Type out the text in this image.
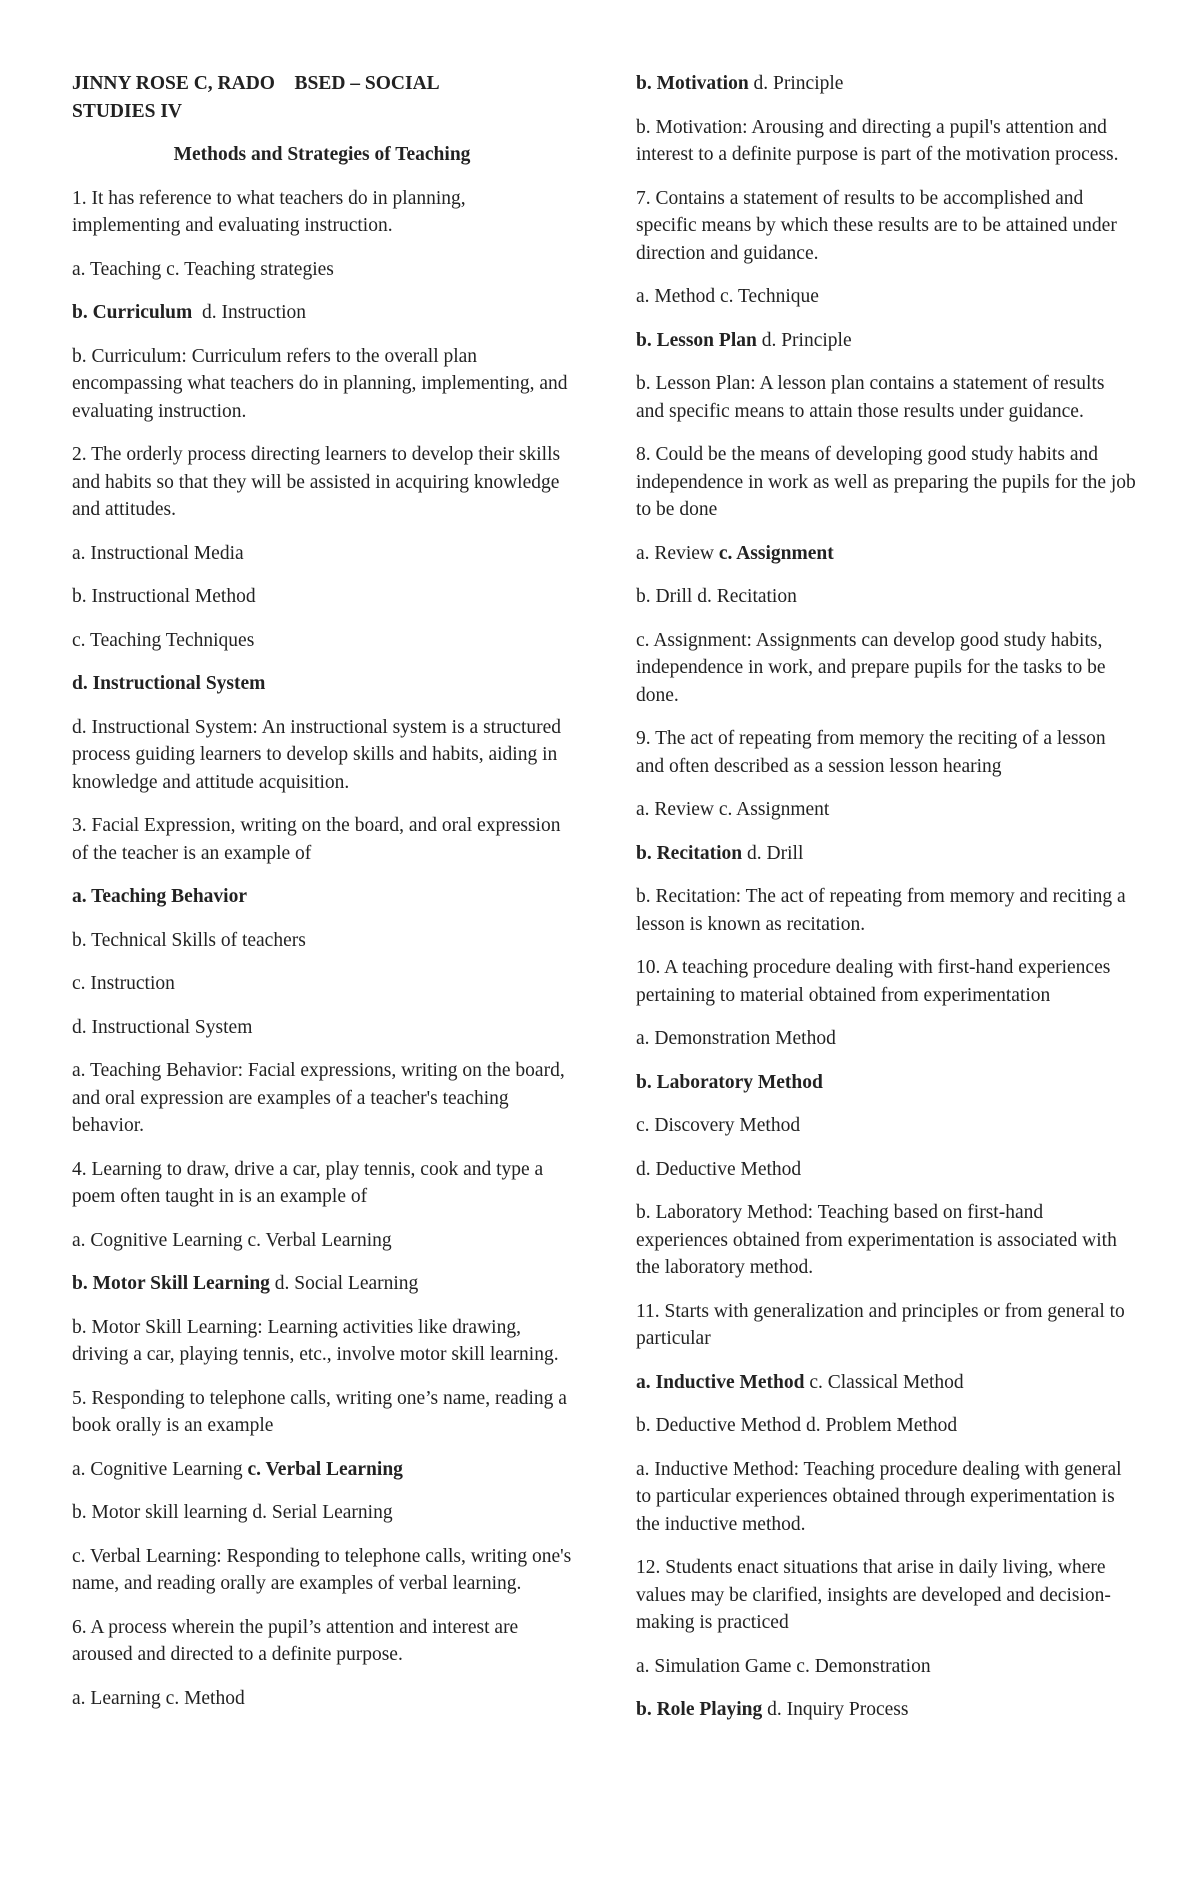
JINNY ROSE C, RADO BSED – SOCIAL
STUDIES IV

Methods and Strategies of Teaching

1. It has reference to what teachers do in planning, implementing and evaluating instruction.

a. Teaching c. Teaching strategies

b. Curriculum d. Instruction

b. Curriculum: Curriculum refers to the overall plan encompassing what teachers do in planning, implementing, and evaluating instruction.

2. The orderly process directing learners to develop their skills and habits so that they will be assisted in acquiring knowledge and attitudes.

a. Instructional Media

b. Instructional Method

c. Teaching Techniques

d. Instructional System

d. Instructional System: An instructional system is a structured process guiding learners to develop skills and habits, aiding in knowledge and attitude acquisition.

3. Facial Expression, writing on the board, and oral expression of the teacher is an example of

a. Teaching Behavior

b. Technical Skills of teachers

c. Instruction

d. Instructional System

a. Teaching Behavior: Facial expressions, writing on the board, and oral expression are examples of a teacher's teaching behavior.

4. Learning to draw, drive a car, play tennis, cook and type a poem often taught in is an example of

a. Cognitive Learning c. Verbal Learning

b. Motor Skill Learning d. Social Learning

b. Motor Skill Learning: Learning activities like drawing, driving a car, playing tennis, etc., involve motor skill learning.

5. Responding to telephone calls, writing one’s name, reading a book orally is an example

a. Cognitive Learning c. Verbal Learning

b. Motor skill learning d. Serial Learning

c. Verbal Learning: Responding to telephone calls, writing one's name, and reading orally are examples of verbal learning.

6. A process wherein the pupil’s attention and interest are aroused and directed to a definite purpose.

a. Learning c. Method

b. Motivation d. Principle

b. Motivation: Arousing and directing a pupil's attention and interest to a definite purpose is part of the motivation process.

7. Contains a statement of results to be accomplished and specific means by which these results are to be attained under direction and guidance.

a. Method c. Technique

b. Lesson Plan d. Principle

b. Lesson Plan: A lesson plan contains a statement of results and specific means to attain those results under guidance.

8. Could be the means of developing good study habits and independence in work as well as preparing the pupils for the job to be done

a. Review c. Assignment

b. Drill d. Recitation

c. Assignment: Assignments can develop good study habits, independence in work, and prepare pupils for the tasks to be done.

9. The act of repeating from memory the reciting of a lesson and often described as a session lesson hearing

a. Review c. Assignment

b. Recitation d. Drill

b. Recitation: The act of repeating from memory and reciting a lesson is known as recitation.

10. A teaching procedure dealing with first-hand experiences pertaining to material obtained from experimentation

a. Demonstration Method

b. Laboratory Method

c. Discovery Method

d. Deductive Method

b. Laboratory Method: Teaching based on first-hand experiences obtained from experimentation is associated with the laboratory method.

11. Starts with generalization and principles or from general to particular

a. Inductive Method c. Classical Method

b. Deductive Method d. Problem Method

a. Inductive Method: Teaching procedure dealing with general to particular experiences obtained through experimentation is the inductive method.

12. Students enact situations that arise in daily living, where values may be clarified, insights are developed and decision-making is practiced

a. Simulation Game c. Demonstration

b. Role Playing d. Inquiry Process
